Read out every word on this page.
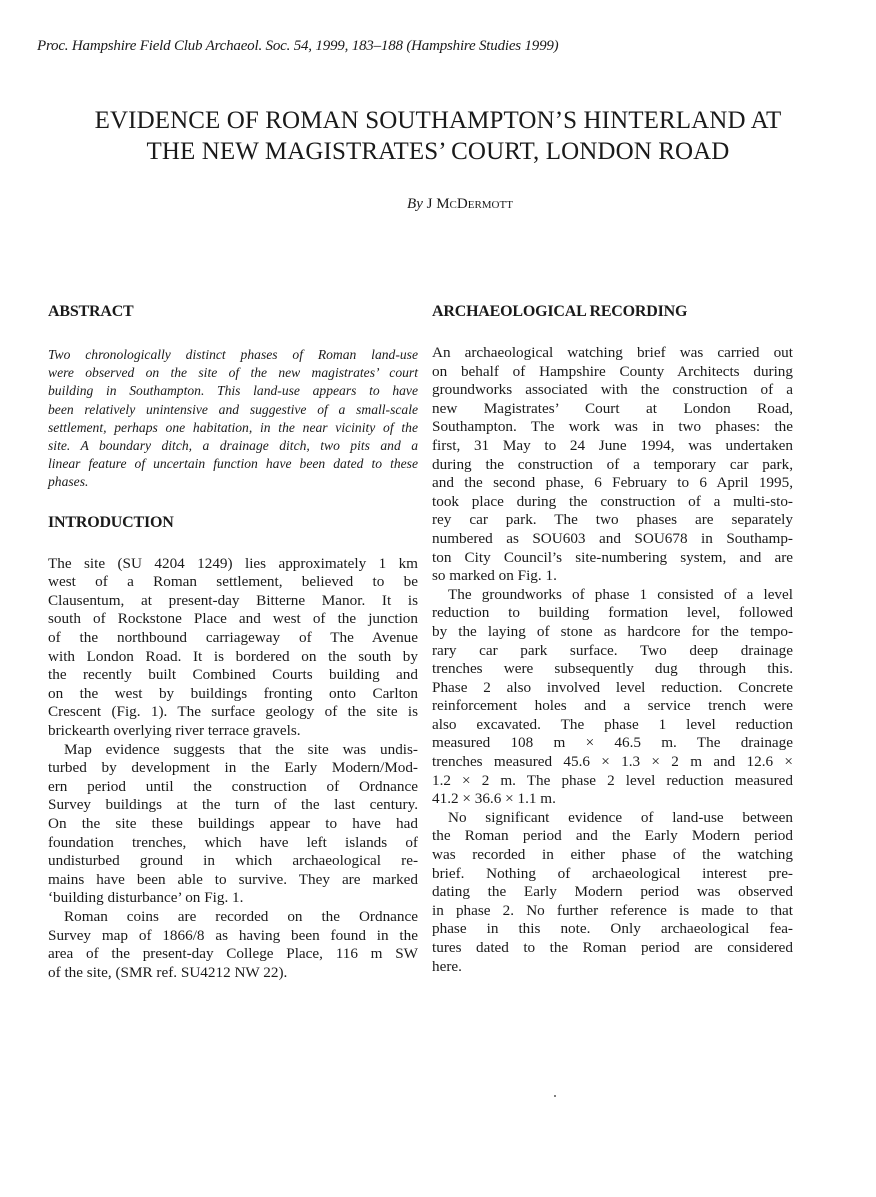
Proc. Hampshire Field Club Archaeol. Soc. 54, 1999, 183–188 (Hampshire Studies 1999)
EVIDENCE OF ROMAN SOUTHAMPTON’S HINTERLAND AT
THE NEW MAGISTRATES’ COURT, LONDON ROAD
By J McDermott
ABSTRACT
Two chronologically distinct phases of Roman land-use
were observed on the site of the new magistrates’ court
building in Southampton. This land-use appears to have
been relatively unintensive and suggestive of a small-scale
settlement, perhaps one habitation, in the near vicinity of the
site. A boundary ditch, a drainage ditch, two pits and a
linear feature of uncertain function have been dated to these
phases.
INTRODUCTION
The site (SU 4204 1249) lies approximately 1 km
west of a Roman settlement, believed to be
Clausentum, at present-day Bitterne Manor. It is
south of Rockstone Place and west of the junction
of the northbound carriageway of The Avenue
with London Road. It is bordered on the south by
the recently built Combined Courts building and
on the west by buildings fronting onto Carlton
Crescent (Fig. 1). The surface geology of the site is
brickearth overlying river terrace gravels.
Map evidence suggests that the site was undis-
turbed by development in the Early Modern/Mod-
ern period until the construction of Ordnance
Survey buildings at the turn of the last century.
On the site these buildings appear to have had
foundation trenches, which have left islands of
undisturbed ground in which archaeological re-
mains have been able to survive. They are marked
‘building disturbance’ on Fig. 1.
Roman coins are recorded on the Ordnance
Survey map of 1866/8 as having been found in the
area of the present-day College Place, 116 m SW
of the site, (SMR ref. SU4212 NW 22).
ARCHAEOLOGICAL RECORDING
An archaeological watching brief was carried out
on behalf of Hampshire County Architects during
groundworks associated with the construction of a
new Magistrates’ Court at London Road,
Southampton. The work was in two phases: the
first, 31 May to 24 June 1994, was undertaken
during the construction of a temporary car park,
and the second phase, 6 February to 6 April 1995,
took place during the construction of a multi-sto-
rey car park. The two phases are separately
numbered as SOU603 and SOU678 in Southamp-
ton City Council’s site-numbering system, and are
so marked on Fig. 1.
The groundworks of phase 1 consisted of a level
reduction to building formation level, followed
by the laying of stone as hardcore for the tempo-
rary car park surface. Two deep drainage
trenches were subsequently dug through this.
Phase 2 also involved level reduction. Concrete
reinforcement holes and a service trench were
also excavated. The phase 1 level reduction
measured 108 m × 46.5 m. The drainage
trenches measured 45.6 × 1.3 × 2 m and 12.6 ×
1.2 × 2 m. The phase 2 level reduction measured
41.2 × 36.6 × 1.1 m.
No significant evidence of land-use between
the Roman period and the Early Modern period
was recorded in either phase of the watching
brief. Nothing of archaeological interest pre-
dating the Early Modern period was observed
in phase 2. No further reference is made to that
phase in this note. Only archaeological fea-
tures dated to the Roman period are considered
here.
